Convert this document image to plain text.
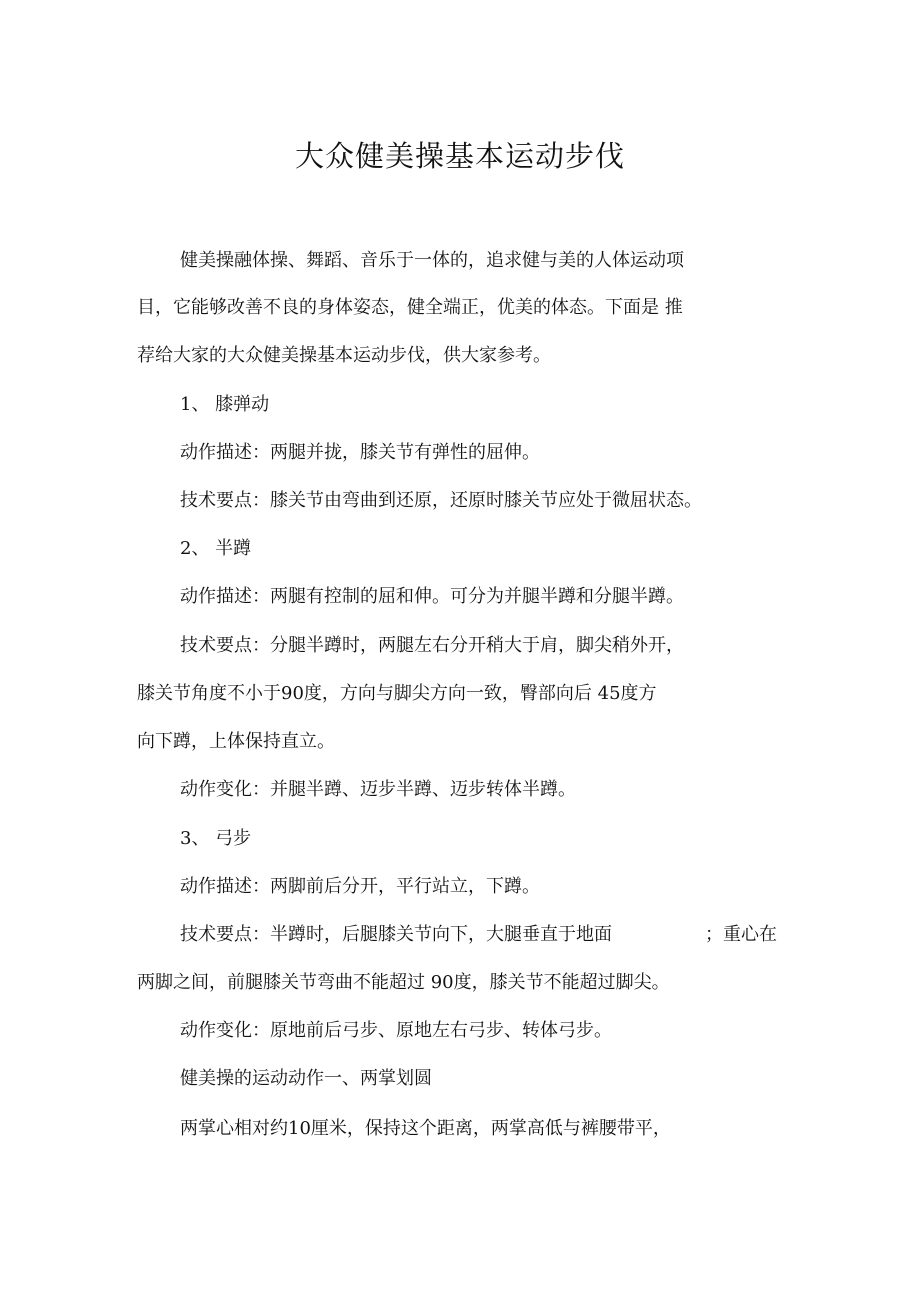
大众健美操基本运动步伐
健美操融体操、舞蹈、音乐于一体的，追求健与美的人体运动项
目，它能够改善不良的身体姿态，健全端正，优美的体态。下面是 推
荐给大家的大众健美操基本运动步伐，供大家参考。
1、 膝弹动
动作描述：两腿并拢，膝关节有弹性的屈伸。
技术要点：膝关节由弯曲到还原，还原时膝关节应处于微屈状态。
2、 半蹲
动作描述：两腿有控制的屈和伸。可分为并腿半蹲和分腿半蹲。
技术要点：分腿半蹲时，两腿左右分开稍大于肩，脚尖稍外开，
膝关节角度不小于90度，方向与脚尖方向一致，臀部向后 45度方
向下蹲，上体保持直立。
动作变化：并腿半蹲、迈步半蹲、迈步转体半蹲。
3、 弓步
动作描述：两脚前后分开，平行站立，下蹲。
技术要点：半蹲时，后腿膝关节向下，大腿垂直于地面	；重心在
两脚之间，前腿膝关节弯曲不能超过 90度，膝关节不能超过脚尖。
动作变化：原地前后弓步、原地左右弓步、转体弓步。
健美操的运动动作一、两掌划圆
两掌心相对约10厘米，保持这个距离，两掌高低与裤腰带平，
